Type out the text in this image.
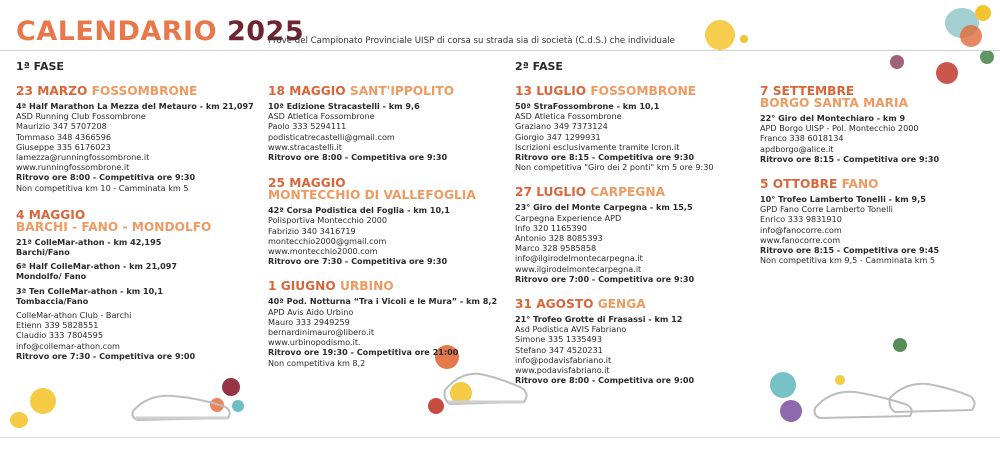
CALENDARIO 2025
Prove del Campionato Provinciale UISP di corsa su strada sia di società (C.d.S.) che individuale
1ª FASE	2ª FASE
23 MARZO FOSSOMBRONE
4ª Half Marathon La Mezza del Metauro - km 21,097
ASD Running Club Fossombrone
Maurizio 347 5707208
Tommaso 348 4366596
Giuseppe 335 6176023
lamezza@runningfossombrone.it
www.runningfossombrone.it
Ritrovo ore 8:00 - Competitiva ore 9:30
Non competitiva km 10 - Camminata km 5
4 MAGGIO
BARCHI - FANO - MONDOLFO
21ª ColleMar-athon - km 42,195
Barchi/Fano
6ª Half ColleMar-athon - km 21,097
Mondolfo/ Fano
3ª Ten ColleMar-athon - km 10,1
Tombaccia/Fano
ColleMar-athon Club - Barchi
Etienn 339 5828551
Claudio 333 7804595
info@collemar-athon.com
Ritrovo ore 7:30 - Competitiva ore 9:00
18 MAGGIO SANT'IPPOLITO
10ª Edizione Stracastelli - km 9,6
ASD Atletica Fossombrone
Paolo 333 5294111
podisticatrecastelli@gmail.com
www.stracastelli.it
Ritrovo ore 8:00 - Competitiva ore 9:30
25 MAGGIO
MONTECCHIO DI VALLEFOGLIA
42ª Corsa Podistica del Foglia - km 10,1
Polisportiva Montecchio 2000
Fabrizio 340 3416719
montecchio2000@gmail.com
www.montecchio2000.com
Ritrovo ore 7:30 - Competitiva ore 9:30
1 GIUGNO URBINO
40ª Pod. Notturna “Tra i Vicoli e le Mura” - km 8,2
APD Avis Aido Urbino
Mauro 333 2949259
bernardinimauro@libero.it
www.urbinopodismo.it.
Ritrovo ore 19:30 - Competitiva ore 21:00
Non competitiva km 8,2
13 LUGLIO FOSSOMBRONE
50ª StraFossombrone - km 10,1
ASD Atletica Fossombrone
Graziano 349 7373124
Giorgio 347 1299931
Iscrizioni esclusivamente tramite Icron.it
Ritrovo ore 8:15 - Competitiva ore 9:30
Non competitiva "Giro dei 2 ponti" km 5 ore 9:30
27 LUGLIO CARPEGNA
23° Giro del Monte Carpegna - km 15,5
Carpegna Experience APD
Info 320 1165390
Antonio 328 8085393
Marco 328 9585858
info@ilgirodelmontecarpegna.it
www.ilgirodelmontecarpegna.it
Ritrovo ore 7:00 - Competitiva ore 9:30
31 AGOSTO GENGA
21° Trofeo Grotte di Frasassi - km 12
Asd Podistica AVIS Fabriano
Simone 335 1335493
Stefano 347 4520231
info@podavisfabriano.it
www.podavisfabriano.it
Ritrovo ore 8:00 - Competitiva ore 9:00
7 SETTEMBRE
BORGO SANTA MARIA
22° Giro del Montechiaro - km 9
APD Borgo UISP - Pol. Montecchio 2000
Franco 338 6018134
apdborgo@alice.it
Ritrovo ore 8:15 - Competitiva ore 9:30
5 OTTOBRE FANO
10° Trofeo Lamberto Tonelli - km 9,5
GPD Fano Corre Lamberto Tonelli
Enrico 333 9831910
info@fanocorre.com
www.fanocorre.com
Ritrovo ore 8:15 - Competitiva ore 9:45
Non competitiva km 9,5 - Camminata km 5
